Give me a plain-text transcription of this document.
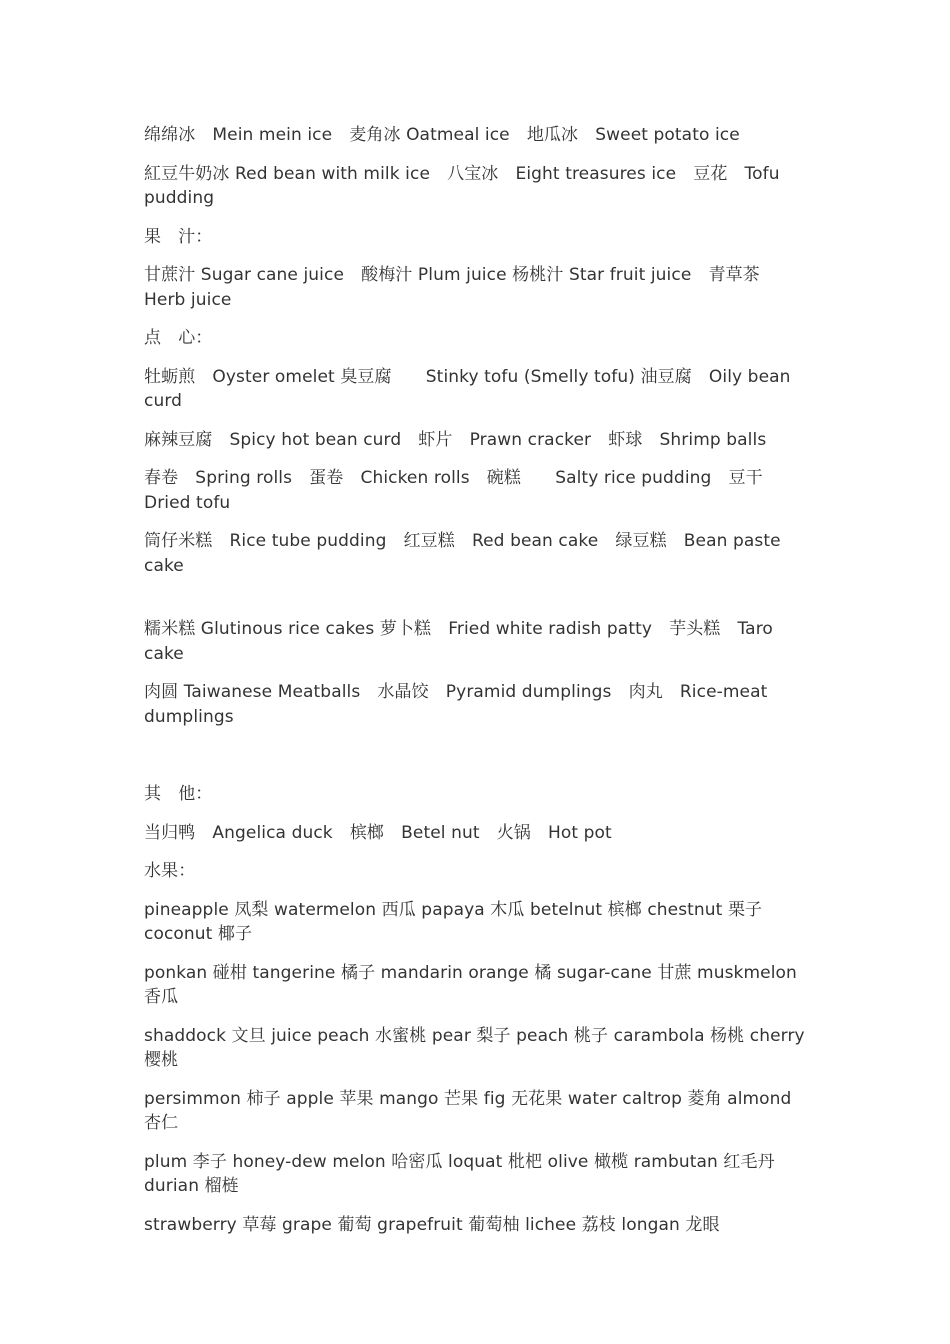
绵绵冰　Mein mein ice　麦角冰 Oatmeal ice　地瓜冰　Sweet potato ice

紅豆牛奶冰 Red bean with milk ice　八宝冰　Eight treasures ice　豆花　Tofu pudding

果　汁：

甘蔗汁 Sugar cane juice　酸梅汁 Plum juice 杨桃汁 Star fruit juice　青草茶　Herb juice

点　心：

牡蛎煎　Oyster omelet 臭豆腐　　Stinky tofu (Smelly tofu) 油豆腐　Oily bean curd

麻辣豆腐　Spicy hot bean curd　虾片　Prawn cracker　虾球　Shrimp balls

春卷　Spring rolls　蛋卷　Chicken rolls　碗糕　　Salty rice pudding　豆干　Dried tofu

筒仔米糕　Rice tube pudding　红豆糕　Red bean cake　绿豆糕　Bean paste cake

糯米糕 Glutinous rice cakes 萝卜糕　Fried white radish patty　芋头糕　Taro cake

肉圆 Taiwanese Meatballs　水晶饺　Pyramid dumplings　肉丸　Rice-meat dumplings

其　他：

当归鸭　Angelica duck　槟榔　Betel nut　火锅　Hot pot

水果：

pineapple 凤梨 watermelon 西瓜 papaya 木瓜 betelnut 槟榔 chestnut 栗子 coconut 椰子

ponkan 碰柑 tangerine 橘子 mandarin orange 橘 sugar-cane 甘蔗 muskmelon 香瓜

shaddock 文旦 juice peach 水蜜桃 pear 梨子 peach 桃子 carambola 杨桃 cherry 樱桃

persimmon 柿子 apple 苹果 mango 芒果 fig 无花果 water caltrop 菱角 almond 杏仁

plum 李子 honey-dew melon 哈密瓜 loquat 枇杷 olive 橄榄 rambutan 红毛丹 durian 榴梿

strawberry 草莓 grape 葡萄 grapefruit 葡萄柚 lichee 荔枝 longan 龙眼
